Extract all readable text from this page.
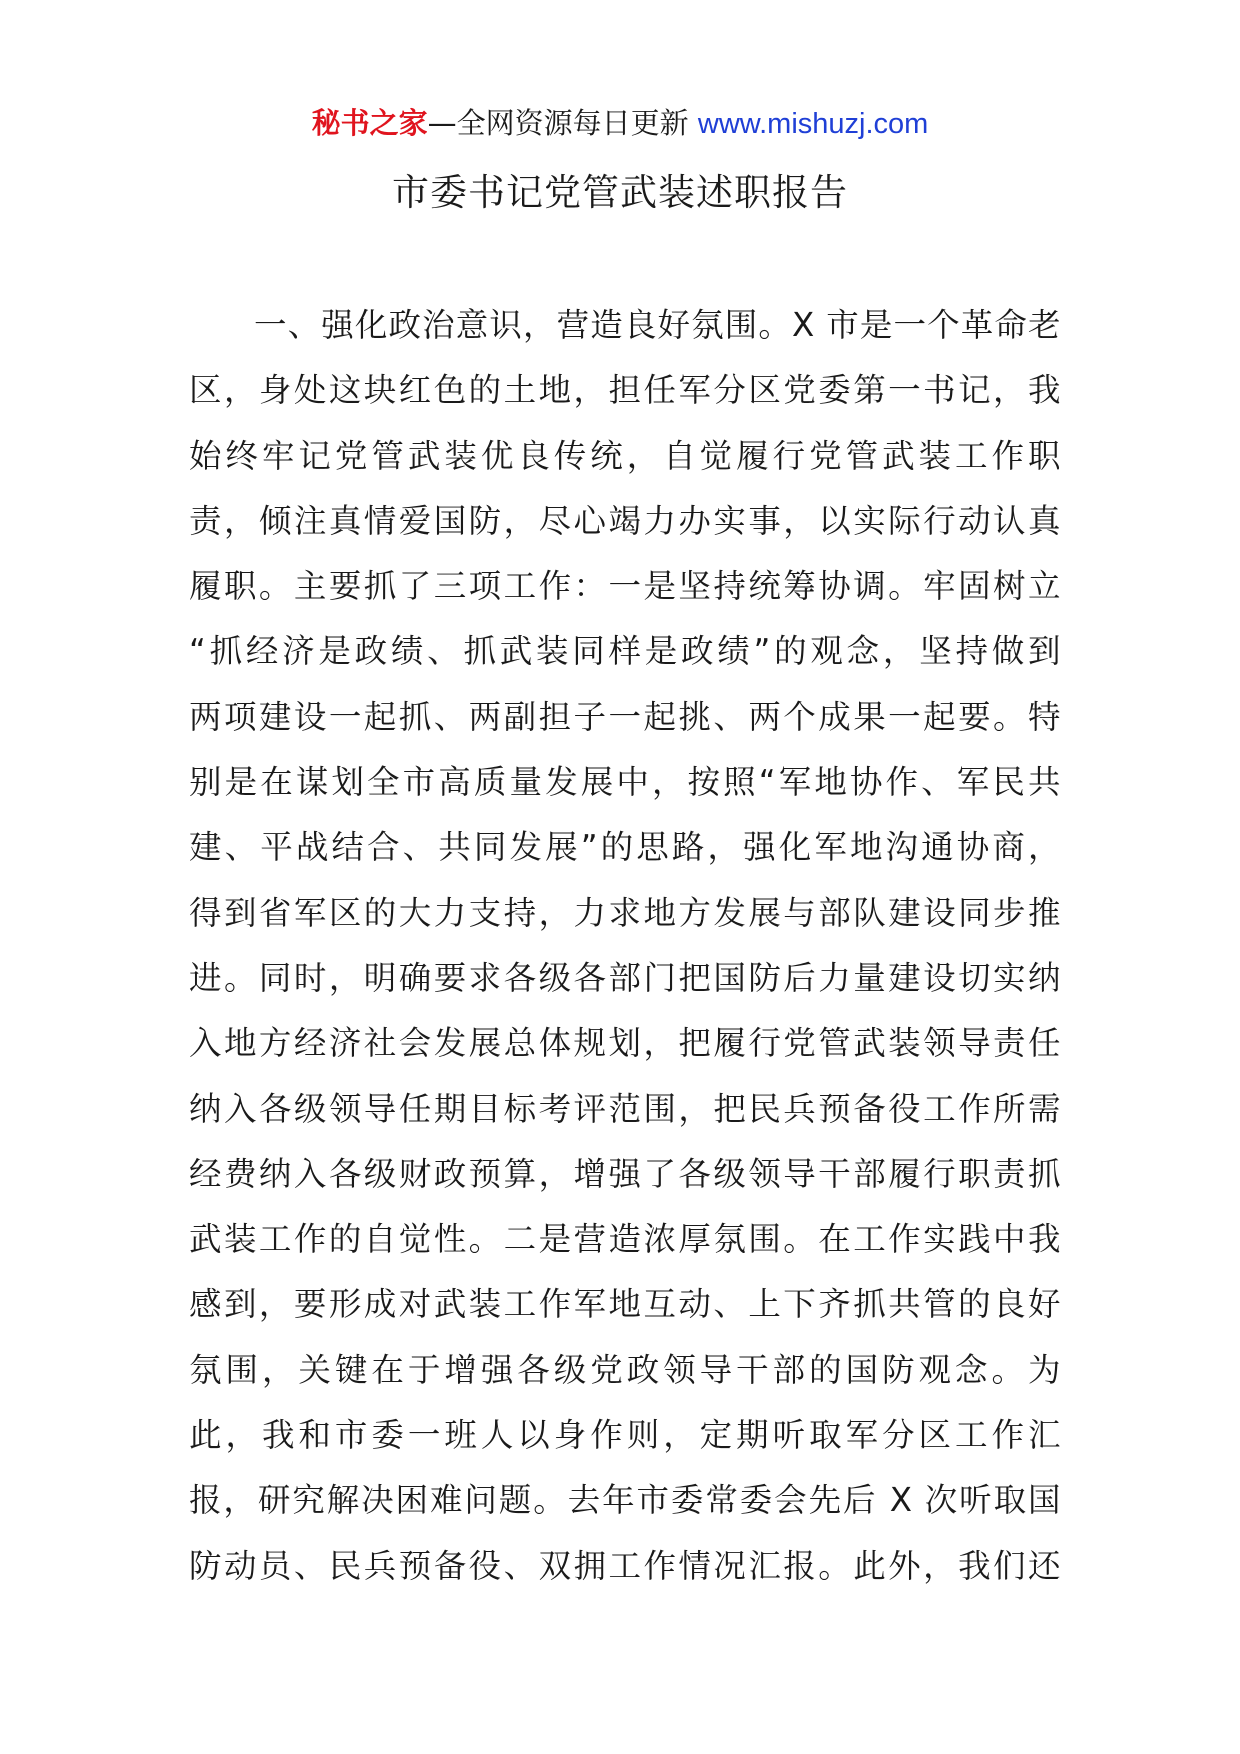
秘书之家—全网资源每日更新 www.mishuzj.com
市委书记党管武装述职报告
一、强化政治意识，营造良好氛围。X 市是一个革命老
区，身处这块红色的土地，担任军分区党委第一书记，我
始终牢记党管武装优良传统，自觉履行党管武装工作职
责，倾注真情爱国防，尽心竭力办实事，以实际行动认真
履职。主要抓了三项工作：一是坚持统筹协调。牢固树立
“抓经济是政绩、抓武装同样是政绩”的观念，坚持做到
两项建设一起抓、两副担子一起挑、两个成果一起要。特
别是在谋划全市高质量发展中，按照“军地协作、军民共
建、平战结合、共同发展”的思路，强化军地沟通协商，
得到省军区的大力支持，力求地方发展与部队建设同步推
进。同时，明确要求各级各部门把国防后力量建设切实纳
入地方经济社会发展总体规划，把履行党管武装领导责任
纳入各级领导任期目标考评范围，把民兵预备役工作所需
经费纳入各级财政预算，增强了各级领导干部履行职责抓
武装工作的自觉性。二是营造浓厚氛围。在工作实践中我
感到，要形成对武装工作军地互动、上下齐抓共管的良好
氛围，关键在于增强各级党政领导干部的国防观念。为
此，我和市委一班人以身作则，定期听取军分区工作汇
报，研究解决困难问题。去年市委常委会先后 X 次听取国
防动员、民兵预备役、双拥工作情况汇报。此外，我们还
